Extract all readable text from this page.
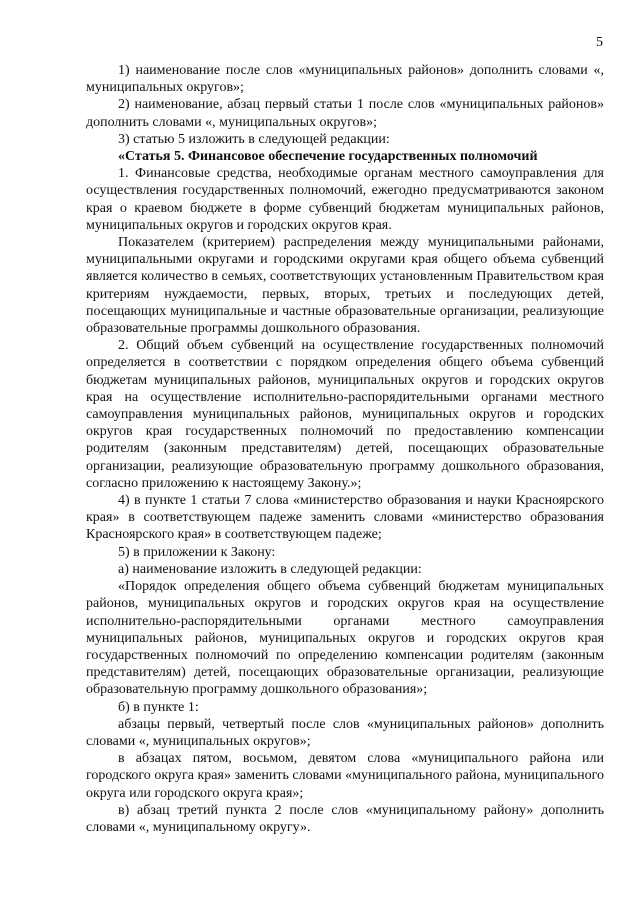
5

1) наименование после слов «муниципальных районов» дополнить словами «, муниципальных округов»;

2) наименование, абзац первый статьи 1 после слов «муниципальных районов» дополнить словами «, муниципальных округов»;

3) статью 5 изложить в следующей редакции:

«Статья 5. Финансовое обеспечение государственных полномочий

1. Финансовые средства, необходимые органам местного самоуправления для осуществления государственных полномочий, ежегодно предусматриваются законом края о краевом бюджете в форме субвенций бюджетам муниципальных районов, муниципальных округов и городских округов края.

Показателем (критерием) распределения между муниципальными районами, муниципальными округами и городскими округами края общего объема субвенций является количество в семьях, соответствующих установленным Правительством края критериям нуждаемости, первых, вторых, третьих и последующих детей, посещающих муниципальные и частные образовательные организации, реализующие образовательные программы дошкольного образования.

2. Общий объем субвенций на осуществление государственных полномочий определяется в соответствии с порядком определения общего объема субвенций бюджетам муниципальных районов, муниципальных округов и городских округов края на осуществление исполнительно-распорядительными органами местного самоуправления муниципальных районов, муниципальных округов и городских округов края государственных полномочий по предоставлению компенсации родителям (законным представителям) детей, посещающих образовательные организации, реализующие образовательную программу дошкольного образования, согласно приложению к настоящему Закону.»;

4) в пункте 1 статьи 7 слова «министерство образования и науки Красноярского края» в соответствующем падеже заменить словами «министерство образования Красноярского края» в соответствующем падеже;

5) в приложении к Закону:

а) наименование изложить в следующей редакции:

«Порядок определения общего объема субвенций бюджетам муниципальных районов, муниципальных округов и городских округов края на осуществление исполнительно-распорядительными органами местного самоуправления муниципальных районов, муниципальных округов и городских округов края государственных полномочий по определению компенсации родителям (законным представителям) детей, посещающих образовательные организации, реализующие образовательную программу дошкольного образования»;

б) в пункте 1:

абзацы первый, четвертый после слов «муниципальных районов» дополнить словами «, муниципальных округов»;

в абзацах пятом, восьмом, девятом слова «муниципального района или городского округа края» заменить словами «муниципального района, муниципального округа или городского округа края»;

в) абзац третий пункта 2 после слов «муниципальному району» дополнить словами «, муниципальному округу».
